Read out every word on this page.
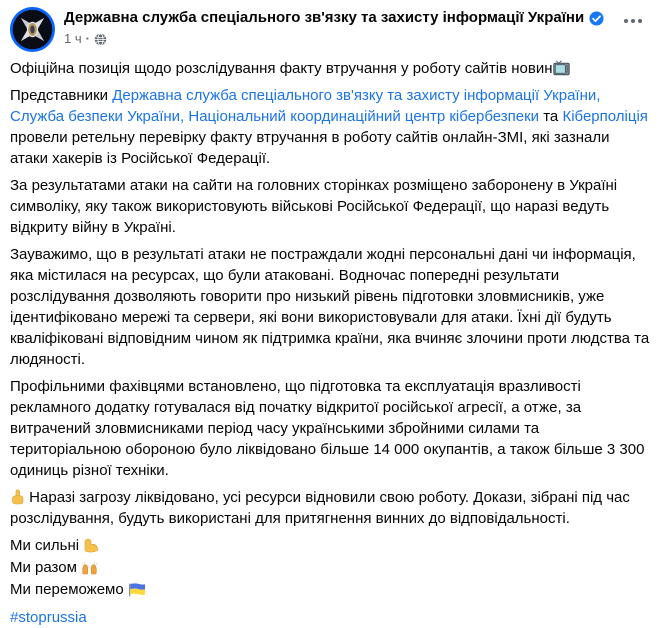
Державна служба спеціального зв'язку та захисту інформації України
1 ч ·
Офіційна позиція щодо розслідування факту втручання у роботу сайтів новин
Представники Державна служба спеціального зв'язку та захисту інформації України, Служба безпеки України, Національний координаційний центр кібербезпеки та Кіберполіція провели ретельну перевірку факту втручання в роботу сайтів онлайн-ЗМІ, які зазнали атаки хакерів із Російської Федерації.
За результатами атаки на сайти на головних сторінках розміщено заборонену в Україні символіку, яку також використовують військові Російської Федерації, що наразі ведуть відкриту війну в Україні.
Зауважимо, що в результаті атаки не постраждали жодні персональні дані чи інформація, яка містилася на ресурсах, що були атаковані. Водночас попередні результати розслідування дозволяють говорити про низький рівень підготовки зловмисників, уже ідентифіковано мережі та сервери, які вони використовували для атаки. Їхні дії будуть кваліфіковані відповідним чином як підтримка країни, яка вчиняє злочини проти людства та людяності.
Профільними фахівцями встановлено, що підготовка та експлуатація вразливості рекламного додатку готувалася від початку відкритої російської агресії, а отже, за витрачений зловмисниками період часу українськими збройними силами та територіальною обороною було ліквідовано більше 14 000 окупантів, а також більше 3 300 одиниць різної техніки.
Наразі загрозу ліквідовано, усі ресурси відновили свою роботу. Докази, зібрані під час розслідування, будуть використані для притягнення винних до відповідальності.
Ми сильні
Ми разом
Ми переможемо
#stoprussia
